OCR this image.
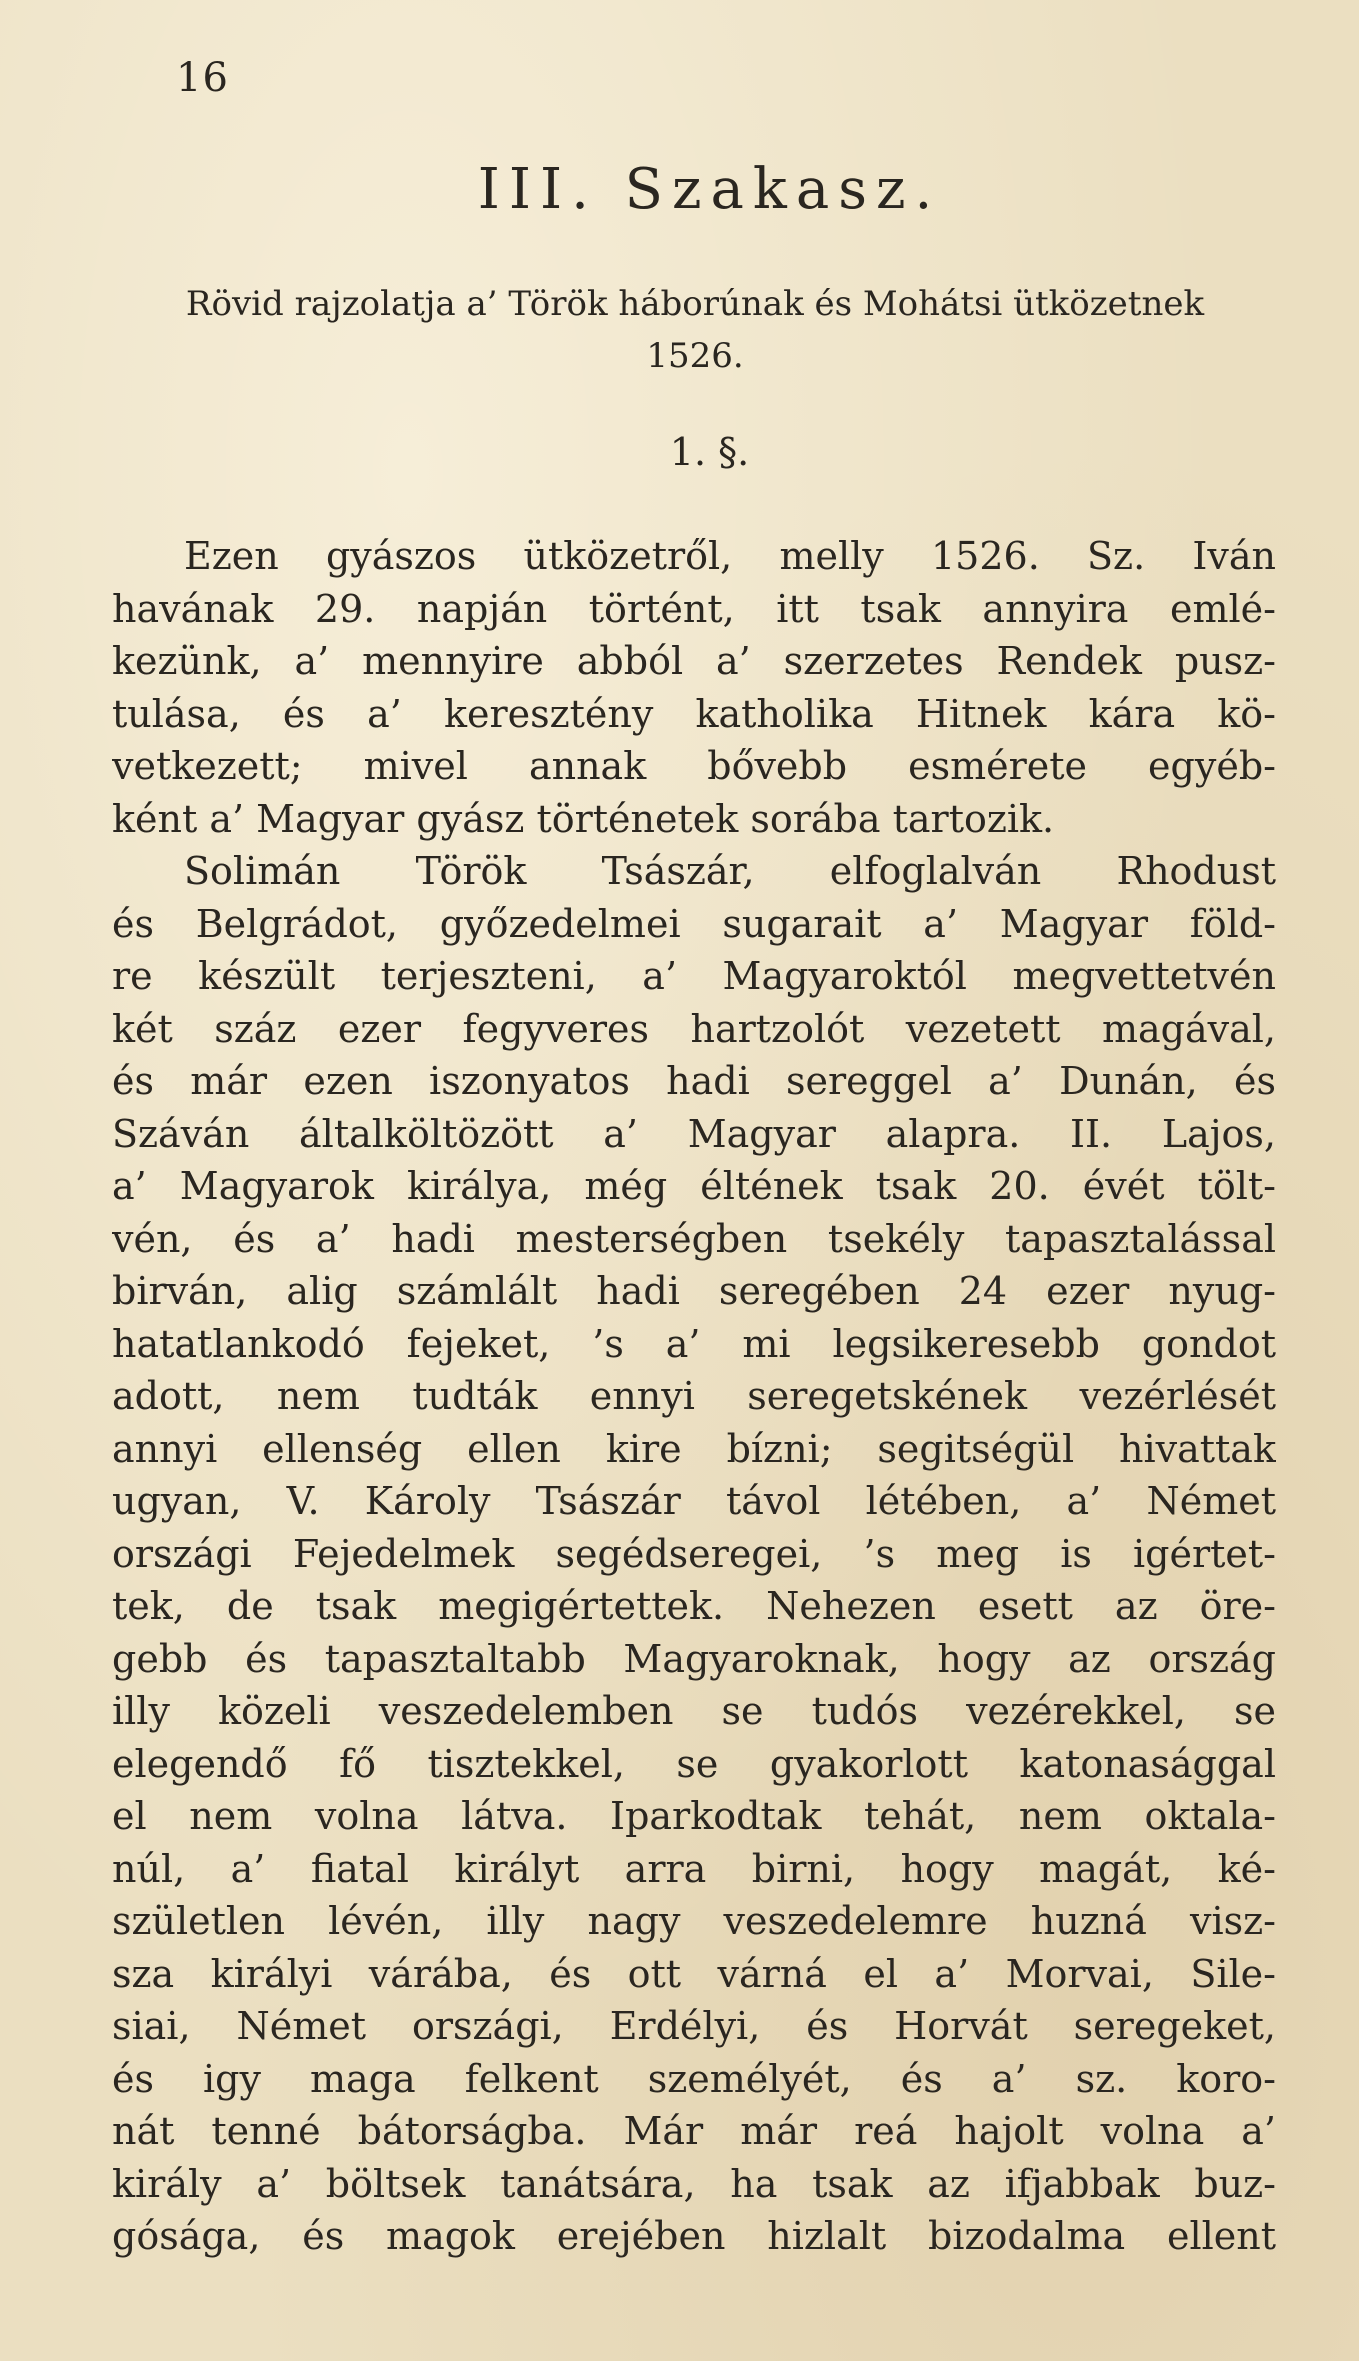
16
III. Szakasz.
Rövid rajzolatja a’ Török háborúnak és Mohátsi ütközetnek
1526.
1. §.
Ezen gyászos ütközetről, melly 1526. Sz. Iván
havának 29. napján történt, itt tsak annyira emlé-
kezünk, a’ mennyire abból a’ szerzetes Rendek pusz-
tulása, és a’ keresztény katholika Hitnek kára kö-
vetkezett; mivel annak bővebb esmérete egyéb-
ként a’ Magyar gyász történetek sorába tartozik.
Solimán Török Tsászár, elfoglalván Rhodust
és Belgrádot, győzedelmei sugarait a’ Magyar föld-
re készült terjeszteni, a’ Magyaroktól megvettetvén
két száz ezer fegyveres hartzolót vezetett magával,
és már ezen iszonyatos hadi sereggel a’ Dunán, és
Száván általköltözött a’ Magyar alapra. II. Lajos,
a’ Magyarok királya, még éltének tsak 20. évét tölt-
vén, és a’ hadi mesterségben tsekély tapasztalással
birván, alig számlált hadi seregében 24 ezer nyug-
hatatlankodó fejeket, ’s a’ mi legsikeresebb gondot
adott, nem tudták ennyi seregetskének vezérlését
annyi ellenség ellen kire bízni; segitségül hivattak
ugyan, V. Károly Tsászár távol létében, a’ Német
országi Fejedelmek segédseregei, ’s meg is igértet-
tek, de tsak megigértettek. Nehezen esett az öre-
gebb és tapasztaltabb Magyaroknak, hogy az ország
illy közeli veszedelemben se tudós vezérekkel, se
elegendő fő tisztekkel, se gyakorlott katonasággal
el nem volna látva. Iparkodtak tehát, nem oktala-
núl, a’ fiatal királyt arra birni, hogy magát, ké-
születlen lévén, illy nagy veszedelemre huzná visz-
sza királyi várába, és ott várná el a’ Morvai, Sile-
siai, Német országi, Erdélyi, és Horvát seregeket,
és igy maga felkent személyét, és a’ sz. koro-
nát tenné bátorságba. Már már reá hajolt volna a’
király a’ böltsek tanátsára, ha tsak az ifjabbak buz-
gósága, és magok erejében hizlalt bizodalma ellent
